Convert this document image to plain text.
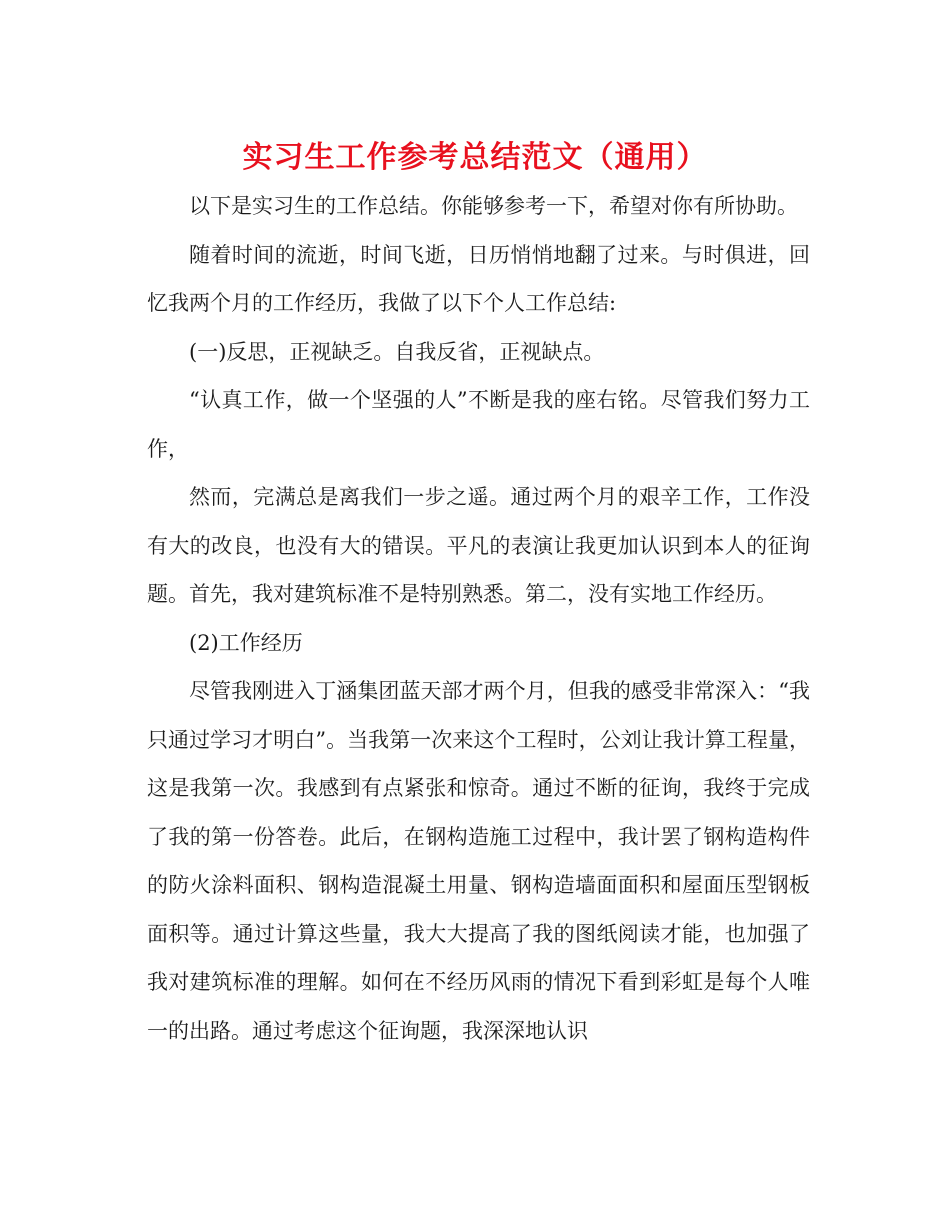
实习生工作参考总结范文（通用）

以下是实习生的工作总结。你能够参考一下，希望对你有所协助。

随着时间的流逝，时间飞逝，日历悄悄地翻了过来。与时俱进，回忆我两个月的工作经历，我做了以下个人工作总结:

(一)反思，正视缺乏。自我反省，正视缺点。

“认真工作，做一个坚强的人”不断是我的座右铭。尽管我们努力工作，

然而，完满总是离我们一步之遥。通过两个月的艰辛工作，工作没有大的改良，也没有大的错误。平凡的表演让我更加认识到本人的征询题。首先，我对建筑标准不是特别熟悉。第二，没有实地工作经历。

(2)工作经历

尽管我刚进入丁涵集团蓝天部才两个月，但我的感受非常深入：“我只通过学习才明白”。当我第一次来这个工程时，公刘让我计算工程量，这是我第一次。我感到有点紧张和惊奇。通过不断的征询，我终于完成了我的第一份答卷。此后，在钢构造施工过程中，我计罢了钢构造构件的防火涂料面积、钢构造混凝土用量、钢构造墙面面积和屋面压型钢板面积等。通过计算这些量，我大大提高了我的图纸阅读才能，也加强了我对建筑标准的理解。如何在不经历风雨的情况下看到彩虹是每个人唯一的出路。通过考虑这个征询题，我深深地认识
